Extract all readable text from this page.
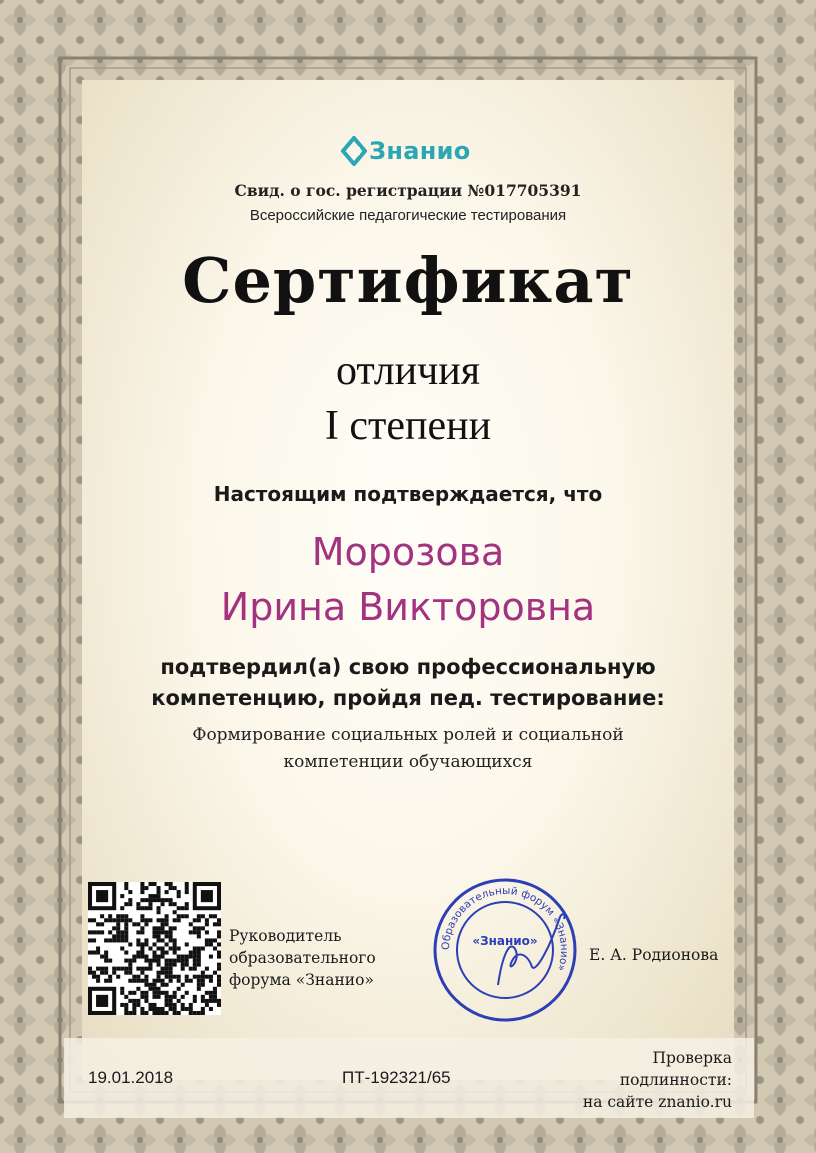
Знанио
Свид. о гос. регистрации №017705391
Всероссийские педагогические тестирования
Сертификат
отличия
I степени
Настоящим подтверждается, что
Морозова
Ирина Викторовна
подтвердил(а) свою профессиональную
компетенцию, пройдя пед. тестирование:
Формирование социальных ролей и социальной
компетенции обучающихся
Руководитель
образовательного
форума «Знанио»
Образовательный форум «Знанио»
«Знанио»
Е. А. Родионова
19.01.2018	ПТ-192321/65
Проверка
подлинности:
на сайте znanio.ru
